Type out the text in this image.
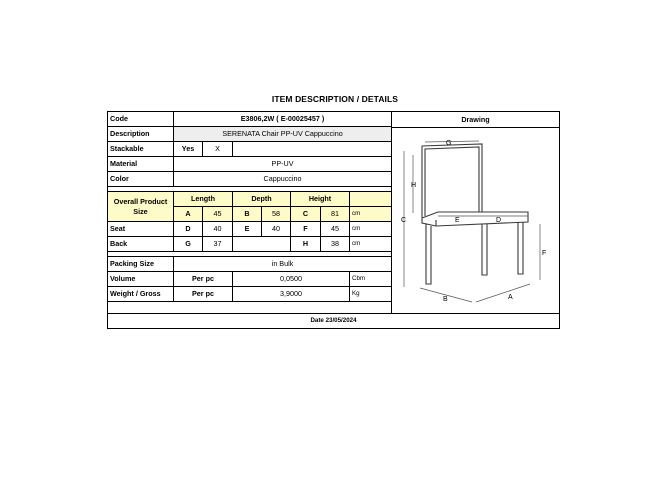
ITEM DESCRIPTION / DETAILS
Code	E3806,2W ( E-00025457 )						
Description	SERENATA Chair PP-UV Cappuccino						
Stackable	Yes	X					
Material	PP-UV						
Color	Cappuccino						

Overall Product Size	Length		Depth		Height		
	A	45	B	58	C	81	cm
Seat	D	40	E	40	F	45	cm
Back	G	37			H	38	cm

Packing Size	in Bulk						
Volume	Per pc		0,0500				Cbm
Weight / Gross	Per pc		3,9000				Kg
Drawing
G
H
C	E	D
F
B	A
Date 23/05/2024
